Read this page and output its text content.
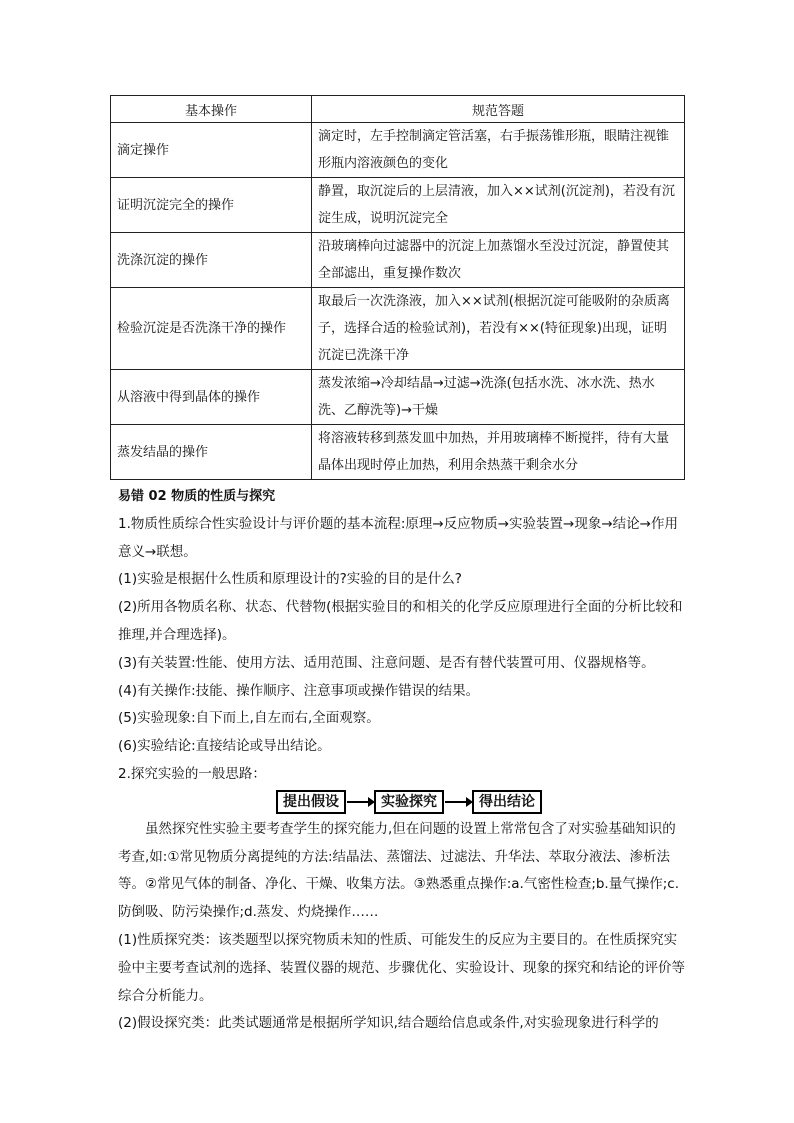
基本操作	规范答题
滴定操作	滴定时，左手控制滴定管活塞，右手振荡锥形瓶，眼睛注视锥形瓶内溶液颜色的变化
证明沉淀完全的操作	静置，取沉淀后的上层清液，加入××试剂(沉淀剂)，若没有沉淀生成，说明沉淀完全
洗涤沉淀的操作	沿玻璃棒向过滤器中的沉淀上加蒸馏水至没过沉淀，静置使其全部滤出，重复操作数次
检验沉淀是否洗涤干净的操作	取最后一次洗涤液，加入××试剂(根据沉淀可能吸附的杂质离子，选择合适的检验试剂)，若没有××(特征现象)出现，证明沉淀已洗涤干净
从溶液中得到晶体的操作	蒸发浓缩→冷却结晶→过滤→洗涤(包括水洗、冰水洗、热水洗、乙醇洗等)→干燥
蒸发结晶的操作	将溶液转移到蒸发皿中加热，并用玻璃棒不断搅拌，待有大量晶体出现时停止加热，利用余热蒸干剩余水分

易错 02 物质的性质与探究

1.物质性质综合性实验设计与评价题的基本流程:原理→反应物质→实验装置→现象→结论→作用意义→联想。

(1)实验是根据什么性质和原理设计的?实验的目的是什么?

(2)所用各物质名称、状态、代替物(根据实验目的和相关的化学反应原理进行全面的分析比较和推理,并合理选择)。

(3)有关装置:性能、使用方法、适用范围、注意问题、是否有替代装置可用、仪器规格等。

(4)有关操作:技能、操作顺序、注意事项或操作错误的结果。

(5)实验现象:自下而上,自左而右,全面观察。

(6)实验结论:直接结论或导出结论。

2.探究实验的一般思路：

提出假设	实验探究	得出结论

虽然探究性实验主要考查学生的探究能力,但在问题的设置上常常包含了对实验基础知识的考查,如:①常见物质分离提纯的方法:结晶法、蒸馏法、过滤法、升华法、萃取分液法、渗析法等。②常见气体的制备、净化、干燥、收集方法。③熟悉重点操作:a.气密性检查;b.量气操作;c.防倒吸、防污染操作;d.蒸发、灼烧操作……

(1)性质探究类：该类题型以探究物质未知的性质、可能发生的反应为主要目的。在性质探究实验中主要考查试剂的选择、装置仪器的规范、步骤优化、实验设计、现象的探究和结论的评价等综合分析能力。

(2)假设探究类：此类试题通常是根据所学知识,结合题给信息或条件,对实验现象进行科学的
